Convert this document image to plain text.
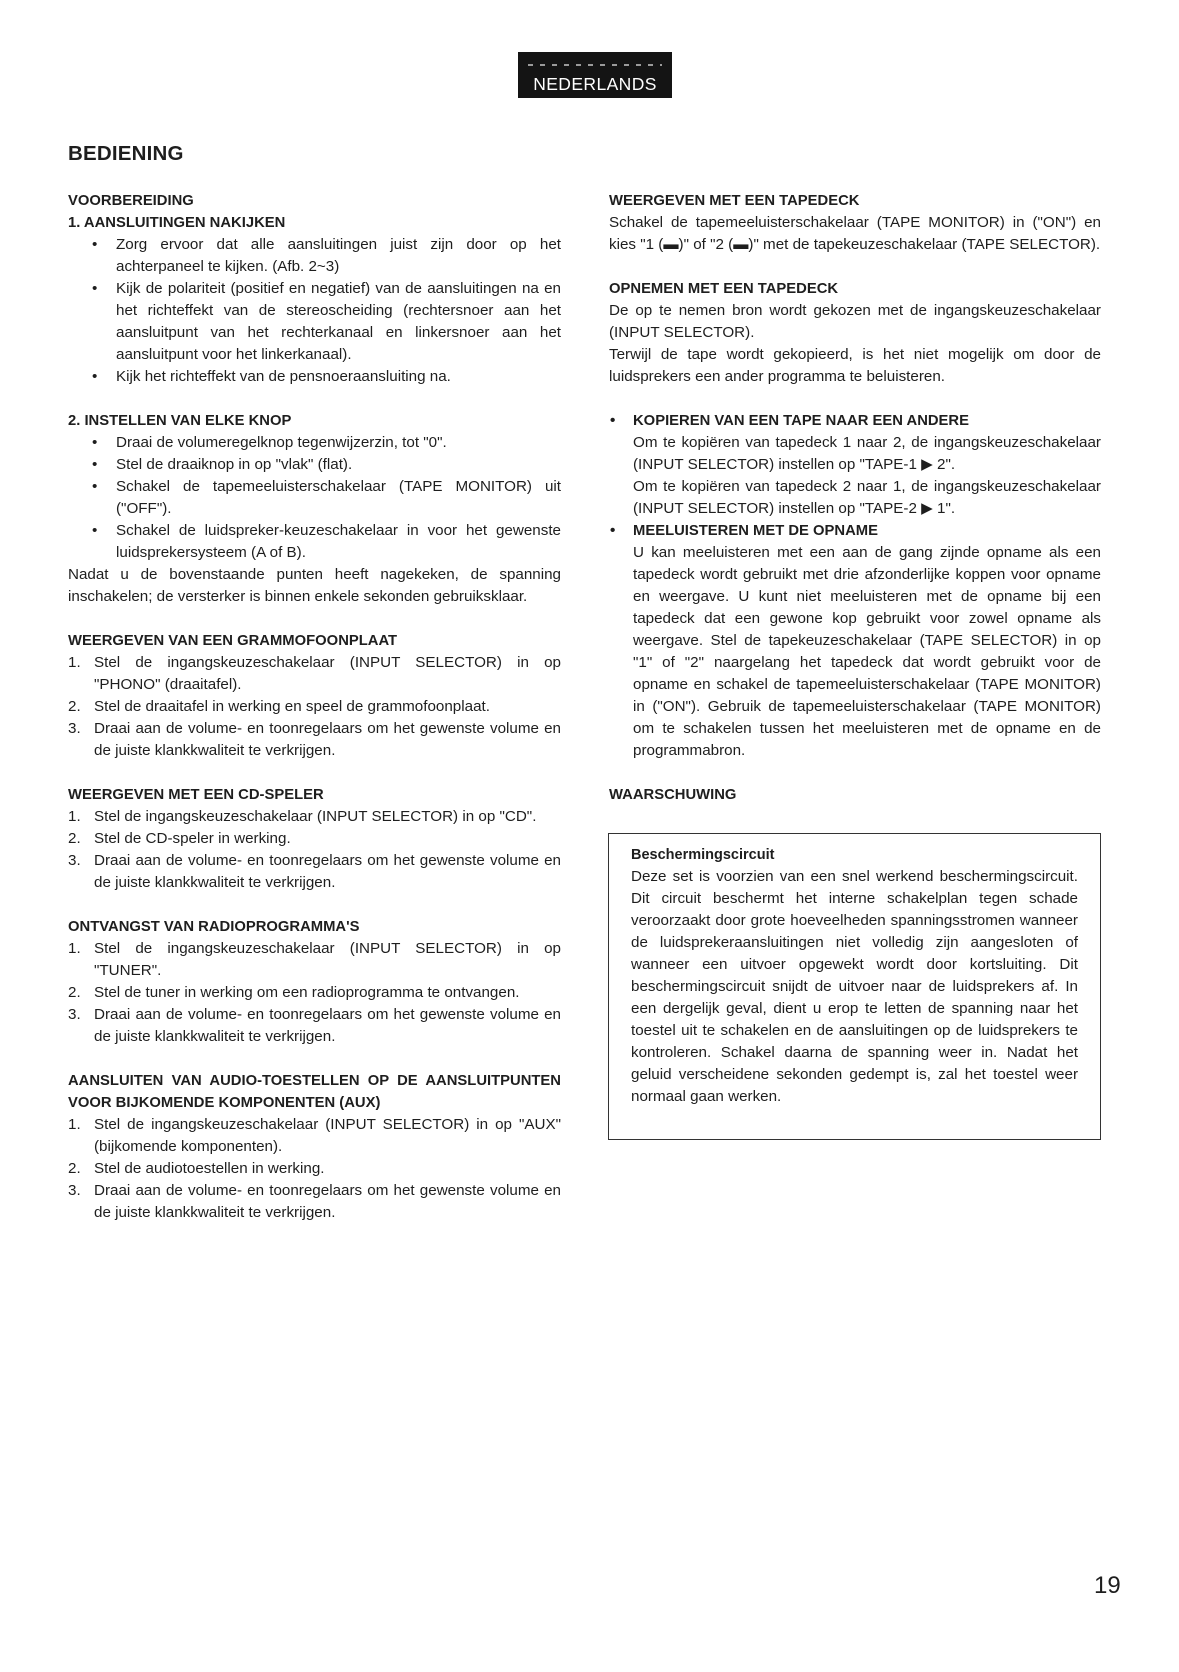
NEDERLANDS
BEDIENING

VOORBEREIDING

1. AANSLUITINGEN NAKIJKEN

• Zorg ervoor dat alle aansluitingen juist zijn door op het achterpaneel te kijken. (Afb. 2~3)
• Kijk de polariteit (positief en negatief) van de aansluitingen na en het richteffekt van de stereoscheiding (rechtersnoer aan het aansluitpunt van het rechterkanaal en linkersnoer aan het aansluitpunt voor het linkerkanaal).
• Kijk het richteffekt van de pensnoeraansluiting na.

2. INSTELLEN VAN ELKE KNOP

• Draai de volumeregelknop tegenwijzerzin, tot "0".
• Stel de draaiknop in op "vlak" (flat).
• Schakel de tapemeeluisterschakelaar (TAPE MONITOR) uit ("OFF").
• Schakel de luidspreker-keuzeschakelaar in voor het gewenste luidsprekersysteem (A of B).

Nadat u de bovenstaande punten heeft nagekeken, de spanning inschakelen; de versterker is binnen enkele sekonden gebruiksklaar.

WEERGEVEN VAN EEN GRAMMOFOONPLAAT

1. Stel de ingangskeuzeschakelaar (INPUT SELECTOR) in op "PHONO" (draaitafel).
2. Stel de draaitafel in werking en speel de grammofoonplaat.
3. Draai aan de volume- en toonregelaars om het gewenste volume en de juiste klankkwaliteit te verkrijgen.

WEERGEVEN MET EEN CD-SPELER

1. Stel de ingangskeuzeschakelaar (INPUT SELECTOR) in op "CD".
2. Stel de CD-speler in werking.
3. Draai aan de volume- en toonregelaars om het gewenste volume en de juiste klankkwaliteit te verkrijgen.

ONTVANGST VAN RADIOPROGRAMMA'S

1. Stel de ingangskeuzeschakelaar (INPUT SELECTOR) in op "TUNER".
2. Stel de tuner in werking om een radioprogramma te ontvangen.
3. Draai aan de volume- en toonregelaars om het gewenste volume en de juiste klankkwaliteit te verkrijgen.

AANSLUITEN VAN AUDIO-TOESTELLEN OP DE AANSLUITPUNTEN VOOR BIJKOMENDE KOMPONENTEN (AUX)

1. Stel de ingangskeuzeschakelaar (INPUT SELECTOR) in op "AUX" (bijkomende komponenten).
2. Stel de audiotoestellen in werking.
3. Draai aan de volume- en toonregelaars om het gewenste volume en de juiste klankkwaliteit te verkrijgen.

WEERGEVEN MET EEN TAPEDECK

Schakel de tapemeeluisterschakelaar (TAPE MONITOR) in ("ON") en kies "1 (▬)" of "2 (▬)" met de tapekeuzeschakelaar (TAPE SELECTOR).

OPNEMEN MET EEN TAPEDECK

De op te nemen bron wordt gekozen met de ingangskeuzeschakelaar (INPUT SELECTOR).

Terwijl de tape wordt gekopieerd, is het niet mogelijk om door de luidsprekers een ander programma te beluisteren.

• KOPIEREN VAN EEN TAPE NAAR EEN ANDERE

Om te kopiëren van tapedeck 1 naar 2, de ingangskeuzeschakelaar (INPUT SELECTOR) instellen op "TAPE-1 ▶ 2".

Om te kopiëren van tapedeck 2 naar 1, de ingangskeuzeschakelaar (INPUT SELECTOR) instellen op "TAPE-2 ▶ 1".

• MEELUISTEREN MET DE OPNAME

U kan meeluisteren met een aan de gang zijnde opname als een tapedeck wordt gebruikt met drie afzonderlijke koppen voor opname en weergave. U kunt niet meeluisteren met de opname bij een tapedeck dat een gewone kop gebruikt voor zowel opname als weergave. Stel de tapekeuzeschakelaar (TAPE SELECTOR) in op "1" of "2" naargelang het tapedeck dat wordt gebruikt voor de opname en schakel de tapemeeluisterschakelaar (TAPE MONITOR) in ("ON"). Gebruik de tapemeeluisterschakelaar (TAPE MONITOR) om te schakelen tussen het meeluisteren met de opname en de programmabron.

WAARSCHUWING

Beschermingscircuit

Deze set is voorzien van een snel werkend beschermingscircuit. Dit circuit beschermt het interne schakelplan tegen schade veroorzaakt door grote hoeveelheden spanningsstromen wanneer de luidsprekeraansluitingen niet volledig zijn aangesloten of wanneer een uitvoer opgewekt wordt door kortsluiting. Dit beschermingscircuit snijdt de uitvoer naar de luidsprekers af. In een dergelijk geval, dient u erop te letten de spanning naar het toestel uit te schakelen en de aansluitingen op de luidsprekers te kontroleren. Schakel daarna de spanning weer in. Nadat het geluid verscheidene sekonden gedempt is, zal het toestel weer normaal gaan werken.

19
